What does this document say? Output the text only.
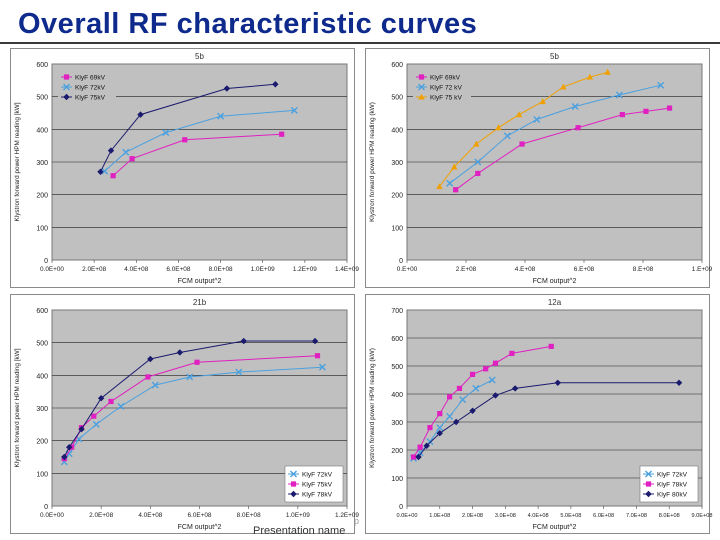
Overall RF characteristic curves
5b
0
100
200
300
400
500
600
0.0E+00	2.0E+08	4.0E+08	6.0E+08	8.0E+08	1.0E+09	1.2E+09	1.4E+09
FCM output^2
Klystron forward power HPM reading [kW]
KlyF 69kV
KlyF 72kV
KlyF 75kV
5b
0
100
200
300
400
500
600
0.E+00	2.E+08	4.E+08	6.E+08	8.E+08	1.E+09
FCM output^2
Klystron forward power HPM reading (kW)
KlyF 69kV
KlyF 72 kV
KlyF 75 kV
21b
0
100
200
300
400
500
600
0.0E+00	2.0E+08	4.0E+08	6.0E+08	8.0E+08	1.0E+09	1.2E+09
FCM output^2
Klystron forward power HPM reading [kW]
KlyF 72kV
KlyF 75kV
KlyF 78kV
12a
0
100
200
300
400
500
600
700
0.0E+00 1.0E+08 2.0E+08 3.0E+08 4.0E+08 5.0E+08 6.0E+08 7.0E+08 8.0E+08 9.0E+08
FCM output^2
Klystron forward power HPM reading (kW)
KlyF 72kV
KlyF 78kV
KlyF 80kV
p
Presentation name
